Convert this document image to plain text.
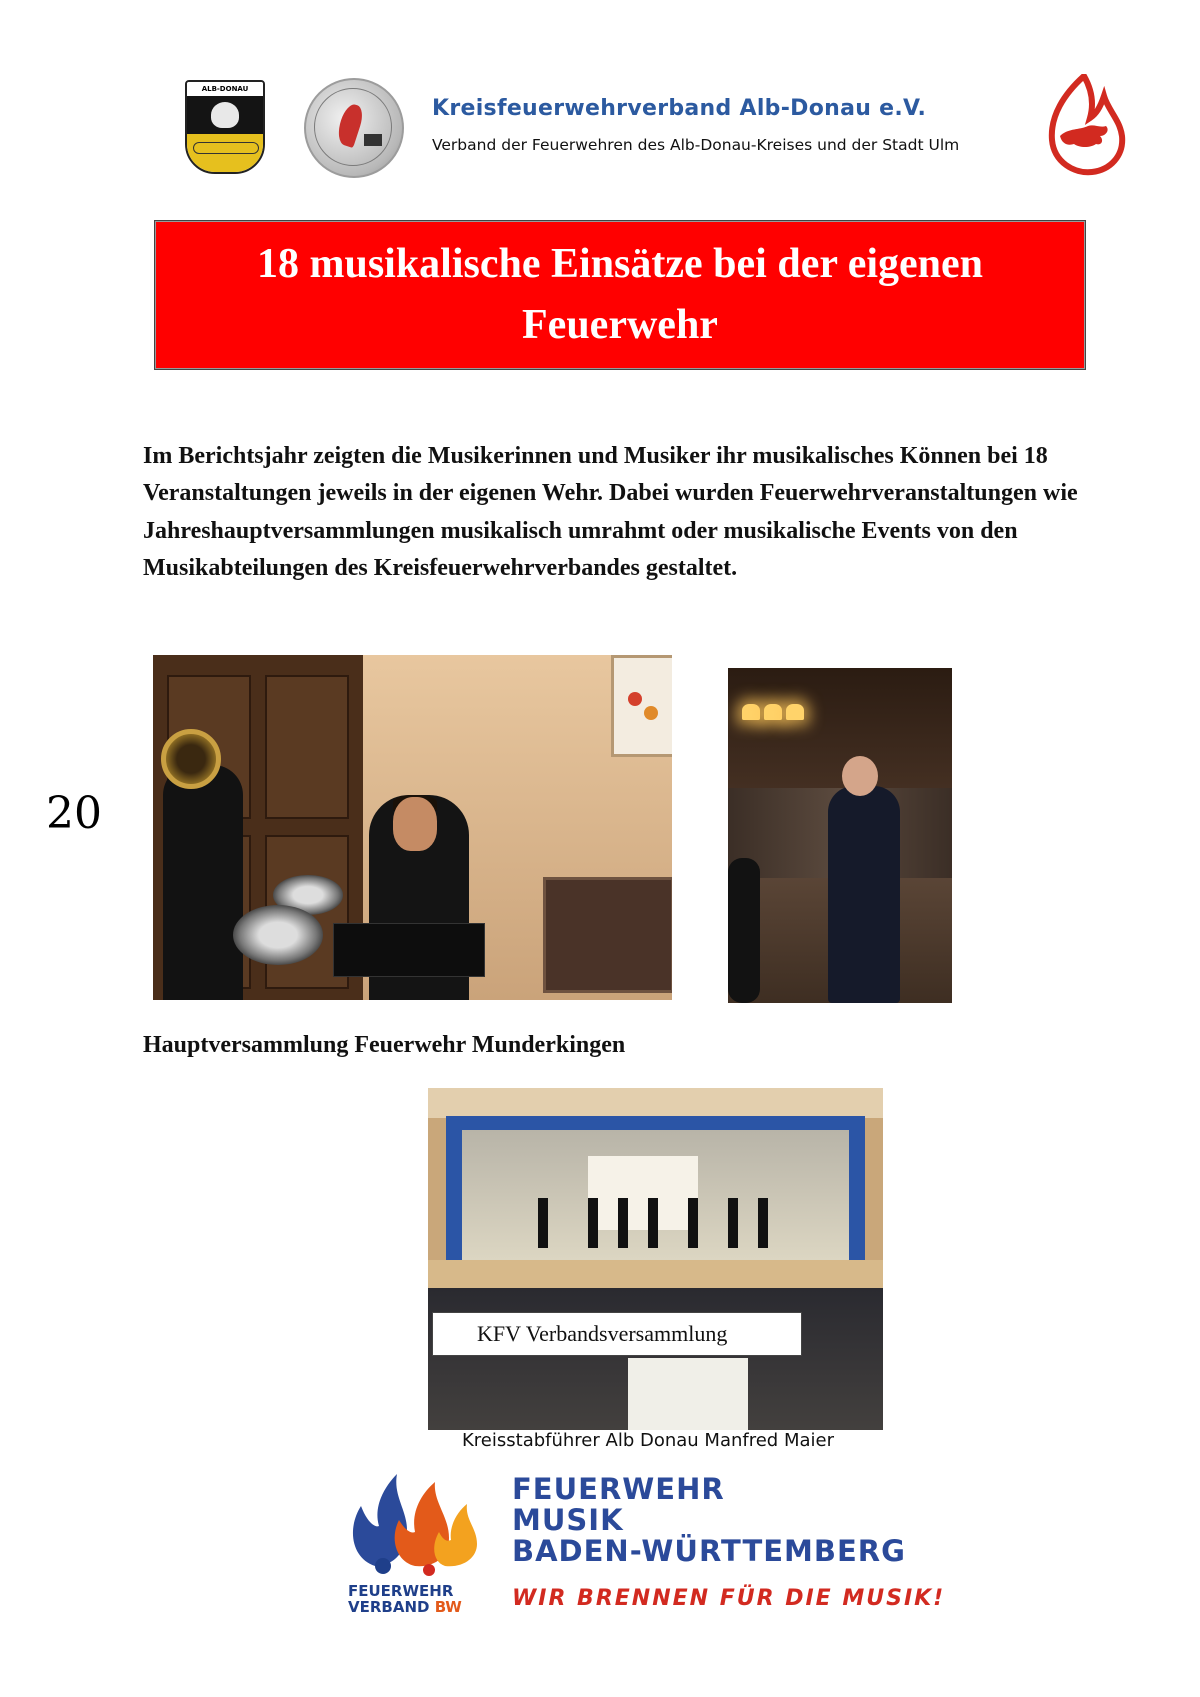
ALB-DONAU
Kreisfeuerwehrverband Alb-Donau e.V.
Verband der Feuerwehren des Alb-Donau-Kreises und der Stadt Ulm
18 musikalische Einsätze bei der eigenen Feuerwehr
Im Berichtsjahr zeigten die Musikerinnen und Musiker ihr musikalisches Können bei 18 Veranstaltungen jeweils in der eigenen Wehr. Dabei wurden Feuerwehrveranstaltungen wie Jahreshauptversammlungen musikalisch umrahmt oder musikalische Events von den Musikabteilungen des Kreisfeuerwehrverbandes gestaltet.
20
Hauptversammlung Feuerwehr Munderkingen
KFV Verbandsversammlung
Kreisstabführer Alb Donau Manfred Maier
FEUERWEHR
VERBAND BW
FEUERWEHR
MUSIK
BADEN-WÜRTTEMBERG
WIR BRENNEN FÜR DIE MUSIK!
